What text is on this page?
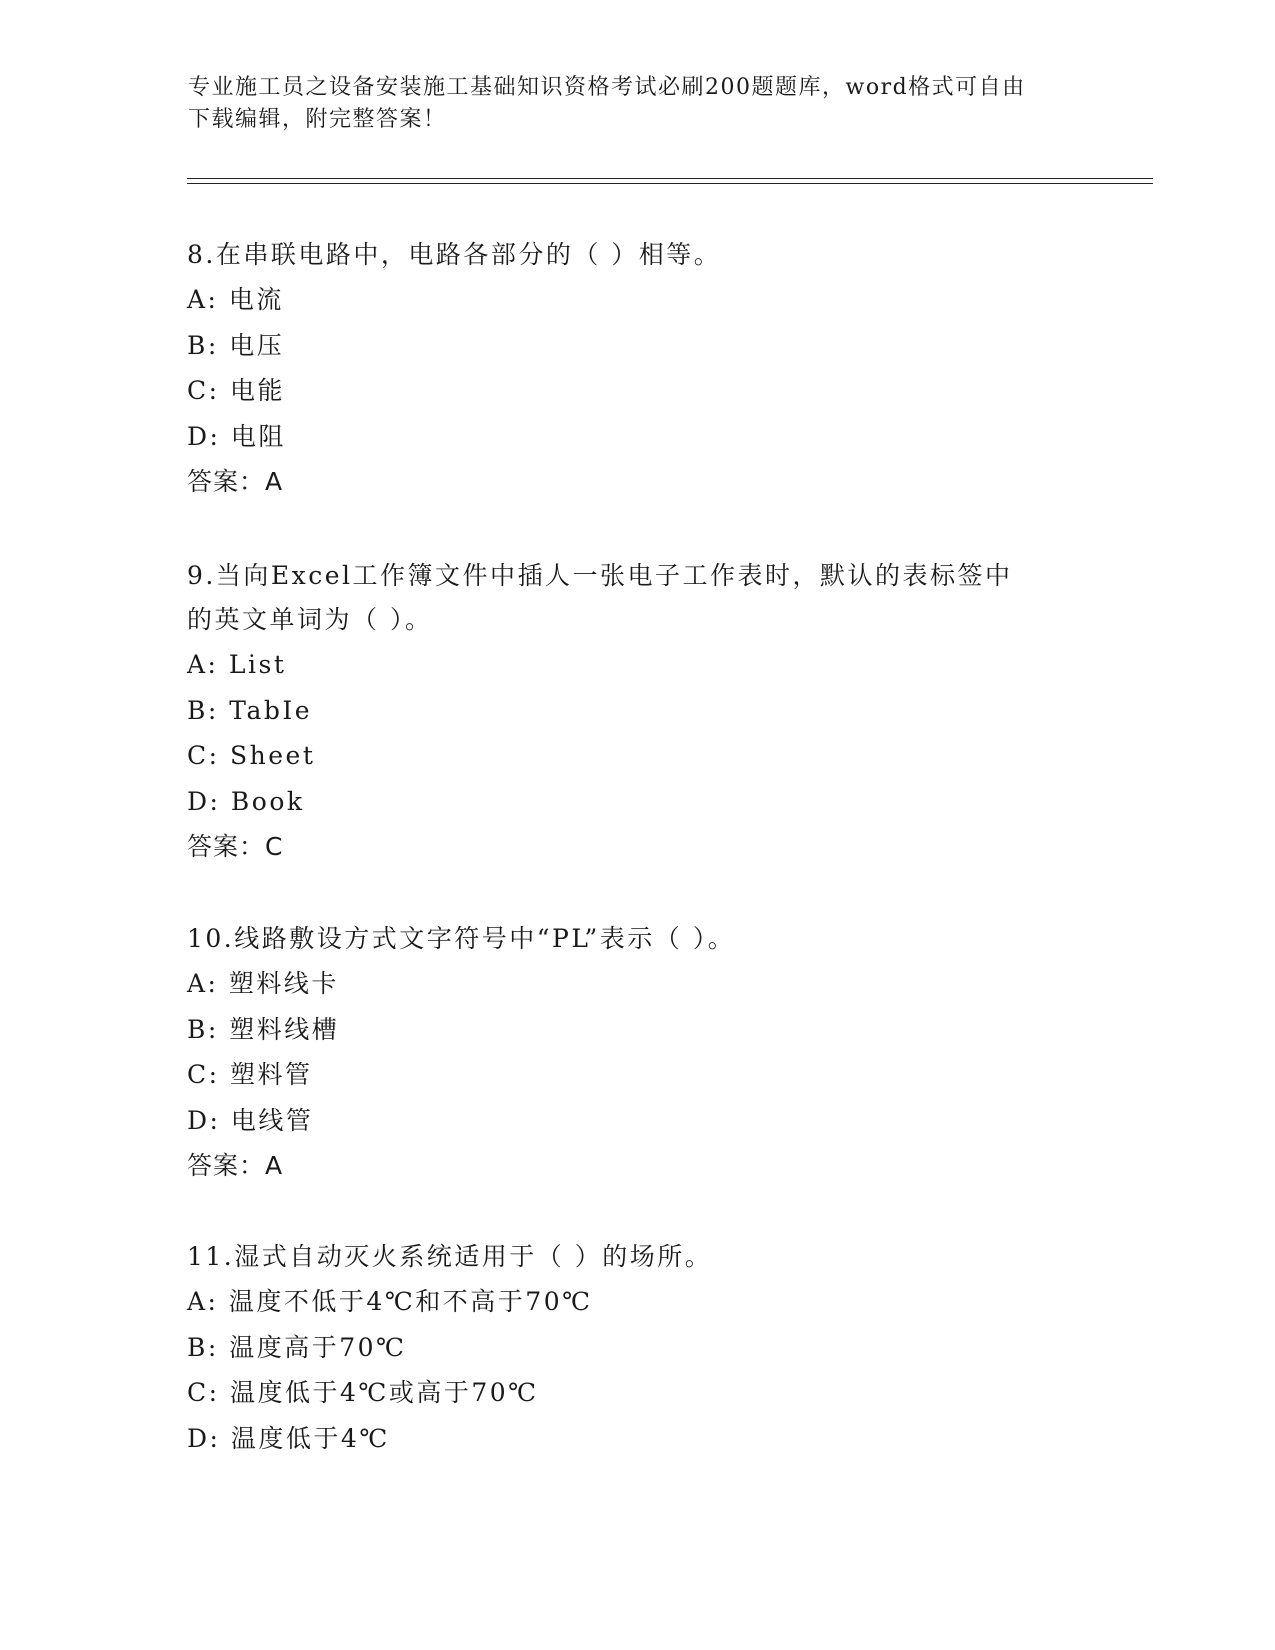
专业施工员之设备安装施工基础知识资格考试必刷200题题库，word格式可自由
下载编辑，附完整答案！

8.在串联电路中，电路各部分的（ ）相等。

A: 电流

B: 电压

C: 电能

D: 电阻

答案：A

9.当向Excel工作簿文件中插人一张电子工作表时，默认的表标签中

的英文单词为（ ）。

A: List

B: TabIe

C: Sheet

D: Book

答案：C

10.线路敷设方式文字符号中“PL”表示（ ）。

A: 塑料线卡

B: 塑料线槽

C: 塑料管

D: 电线管

答案：A

11.湿式自动灭火系统适用于（ ）的场所。

A: 温度不低于4℃和不高于70℃

B: 温度高于70℃

C: 温度低于4℃或高于70℃

D: 温度低于4℃
